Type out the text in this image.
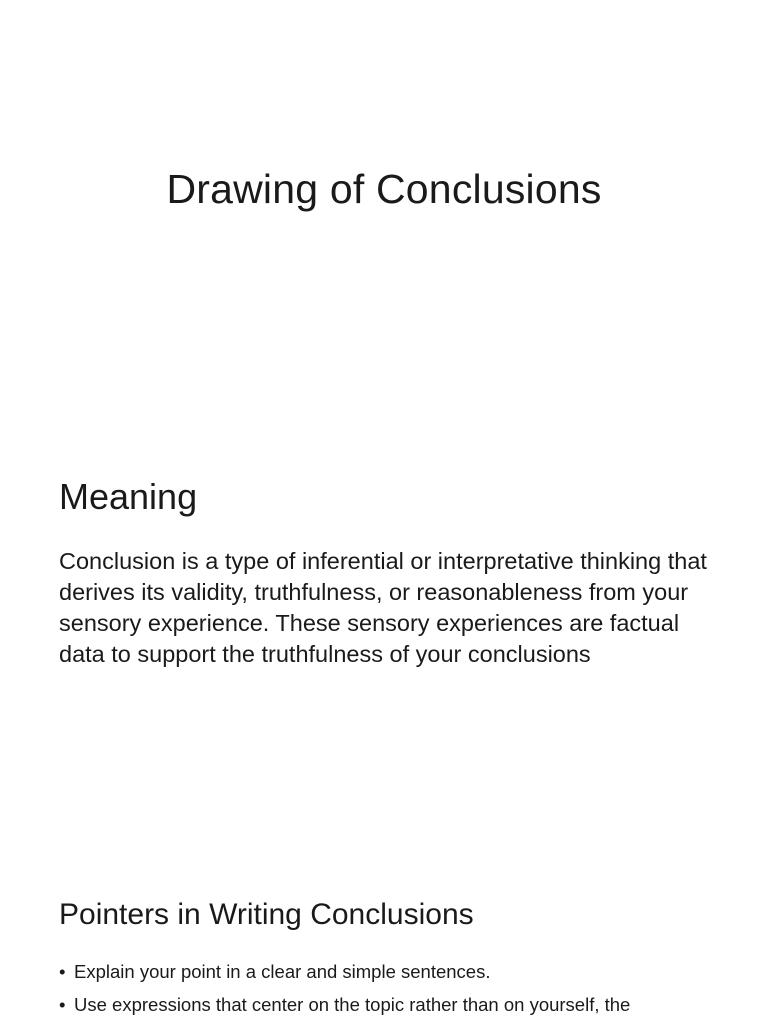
Drawing of Conclusions
Meaning

Conclusion is a type of inferential or interpretative thinking that derives its validity, truthfulness, or reasonableness from your sensory experience. These sensory experiences are factual data to support the truthfulness of your conclusions

Pointers in Writing Conclusions
• Explain your point in a clear and simple sentences.
• Use expressions that center on the topic rather than on yourself, the
